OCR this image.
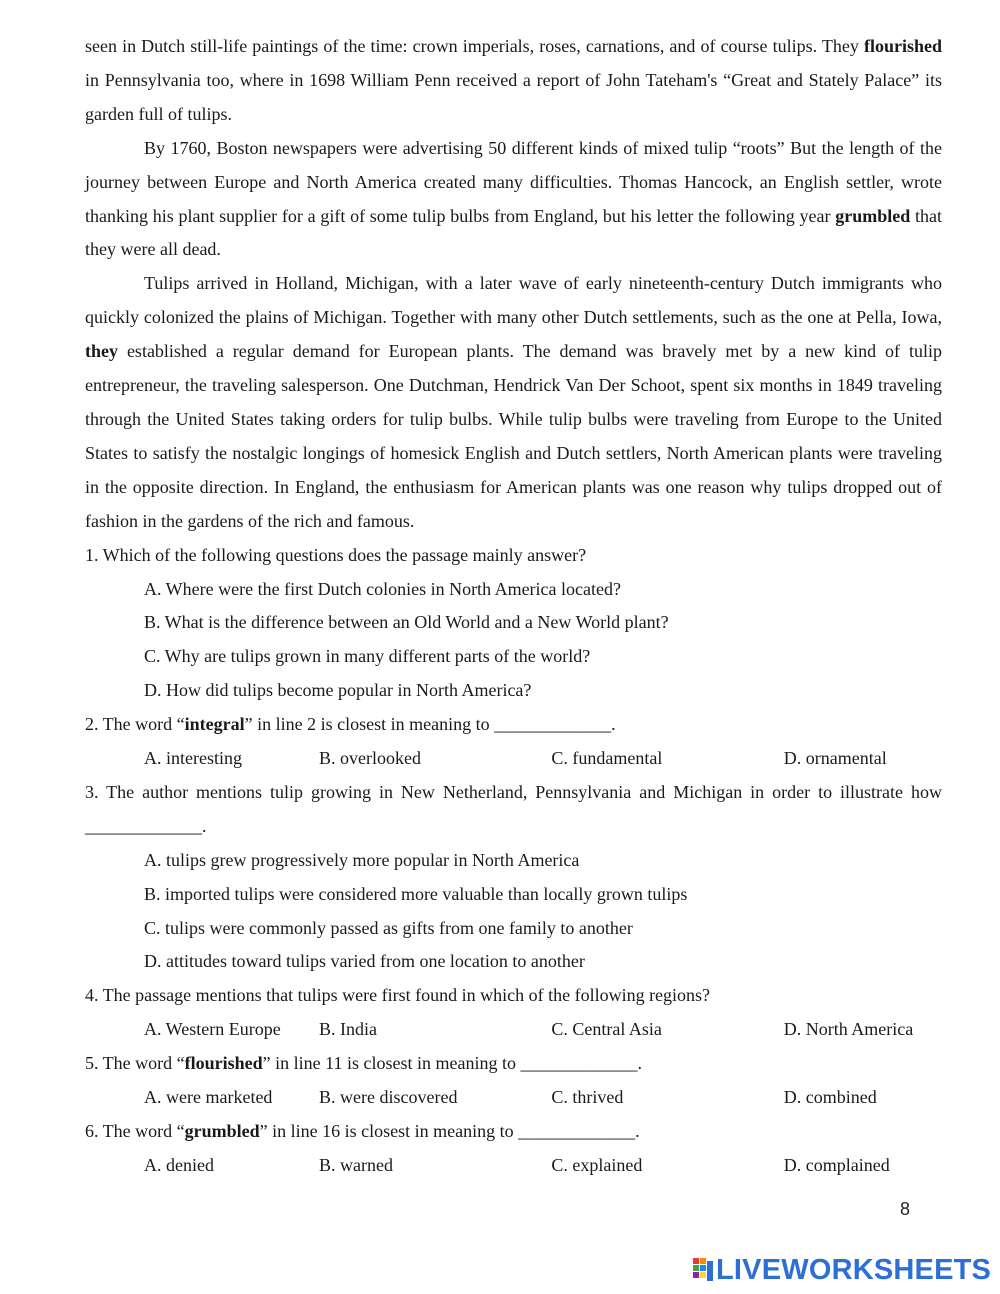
seen in Dutch still-life paintings of the time: crown imperials, roses, carnations, and of course tulips. They flourished in Pennsylvania too, where in 1698 William Penn received a report of John Tateham's “Great and Stately Palace” its garden full of tulips.

By 1760, Boston newspapers were advertising 50 different kinds of mixed tulip “roots” But the length of the journey between Europe and North America created many difficulties. Thomas Hancock, an English settler, wrote thanking his plant supplier for a gift of some tulip bulbs from England, but his letter the following year grumbled that they were all dead.

Tulips arrived in Holland, Michigan, with a later wave of early nineteenth-century Dutch immigrants who quickly colonized the plains of Michigan. Together with many other Dutch settlements, such as the one at Pella, Iowa, they established a regular demand for European plants. The demand was bravely met by a new kind of tulip entrepreneur, the traveling salesperson. One Dutchman, Hendrick Van Der Schoot, spent six months in 1849 traveling through the United States taking orders for tulip bulbs. While tulip bulbs were traveling from Europe to the United States to satisfy the nostalgic longings of homesick English and Dutch settlers, North American plants were traveling in the opposite direction. In England, the enthusiasm for American plants was one reason why tulips dropped out of fashion in the gardens of the rich and famous.

1. Which of the following questions does the passage mainly answer?

A. Where were the first Dutch colonies in North America located?

B. What is the difference between an Old World and a New World plant?

C. Why are tulips grown in many different parts of the world?

D. How did tulips become popular in North America?

2. The word “integral” in line 2 is closest in meaning to _____________.

A. interesting	B. overlooked	C. fundamental	D. ornamental

3. The author mentions tulip growing in New Netherland, Pennsylvania and Michigan in order to illustrate how _____________.

A. tulips grew progressively more popular in North America

B. imported tulips were considered more valuable than locally grown tulips

C. tulips were commonly passed as gifts from one family to another

D. attitudes toward tulips varied from one location to another

4. The passage mentions that tulips were first found in which of the following regions?

A. Western Europe	B. India	C. Central Asia	D. North America

5. The word “flourished” in line 11 is closest in meaning to _____________.

A. were marketed	B. were discovered	C. thrived	D. combined

6. The word “grumbled” in line 16 is closest in meaning to _____________.

A. denied	B. warned	C. explained	D. complained
8
LIVEWORKSHEETS
